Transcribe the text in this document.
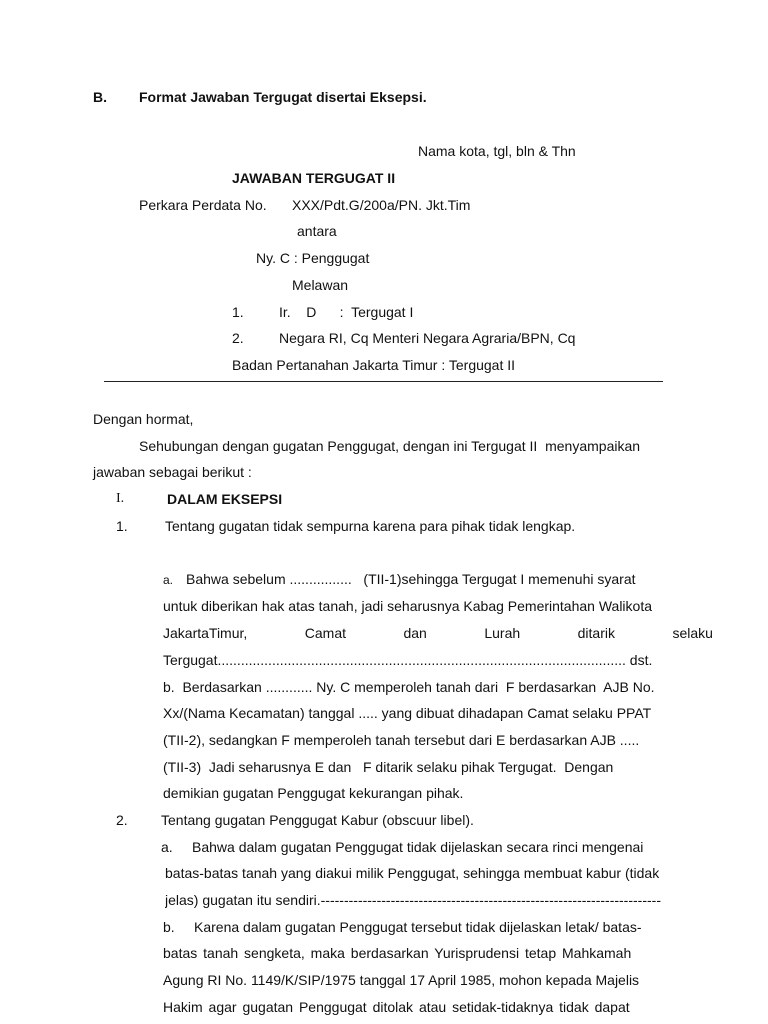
B. Format Jawaban Tergugat disertai Eksepsi.
Nama kota, tgl, bln & Thn
JAWABAN TERGUGAT II
Perkara Perdata No. XXX/Pdt.G/200a/PN. Jkt.Tim
antara
Ny. C : Penggugat
Melawan
1.	Ir.    D      :  Tergugat I
2.	Negara RI, Cq Menteri Negara Agraria/BPN, Cq
Badan Pertanahan Jakarta Timur : Tergugat II
Dengan hormat,
Sehubungan dengan gugatan Penggugat, dengan ini Tergugat II  menyampaikan
jawaban sebagai berikut :
I.	DALAM EKSEPSI
1.	Tentang gugatan tidak sempurna karena para pihak tidak lengkap.
a. Bahwa sebelum ................   (TII-1)sehingga Tergugat I memenuhi syarat
untuk diberikan hak atas tanah, jadi seharusnya Kabag Pemerintahan Walikota
JakartaTimur,	Camat	dan	Lurah	ditarik	selaku
Tergugat......................................................................................................... dst.
b.  Berdasarkan ............ Ny. C memperoleh tanah dari  F berdasarkan  AJB No.
Xx/(Nama Kecamatan) tanggal ..... yang dibuat dihadapan Camat selaku PPAT
(TII-2), sedangkan F memperoleh tanah tersebut dari E berdasarkan AJB .....
(TII-3)  Jadi seharusnya E dan   F ditarik selaku pihak Tergugat.  Dengan
demikian gugatan Penggugat kekurangan pihak.
2. Tentang gugatan Penggugat Kabur (obscuur libel).
a. Bahwa dalam gugatan Penggugat tidak dijelaskan secara rinci mengenai
batas-batas tanah yang diakui milik Penggugat, sehingga membuat kabur (tidak
jelas) gugatan itu sendiri.-------------------------------------------------------------------------
b. Karena dalam gugatan Penggugat tersebut tidak dijelaskan letak/ batas-
batas tanah sengketa, maka berdasarkan Yurisprudensi tetap Mahkamah
Agung RI No. 1149/K/SIP/1975 tanggal 17 April 1985, mohon kepada Majelis
Hakim agar gugatan Penggugat ditolak atau setidak-tidaknya tidak dapat
